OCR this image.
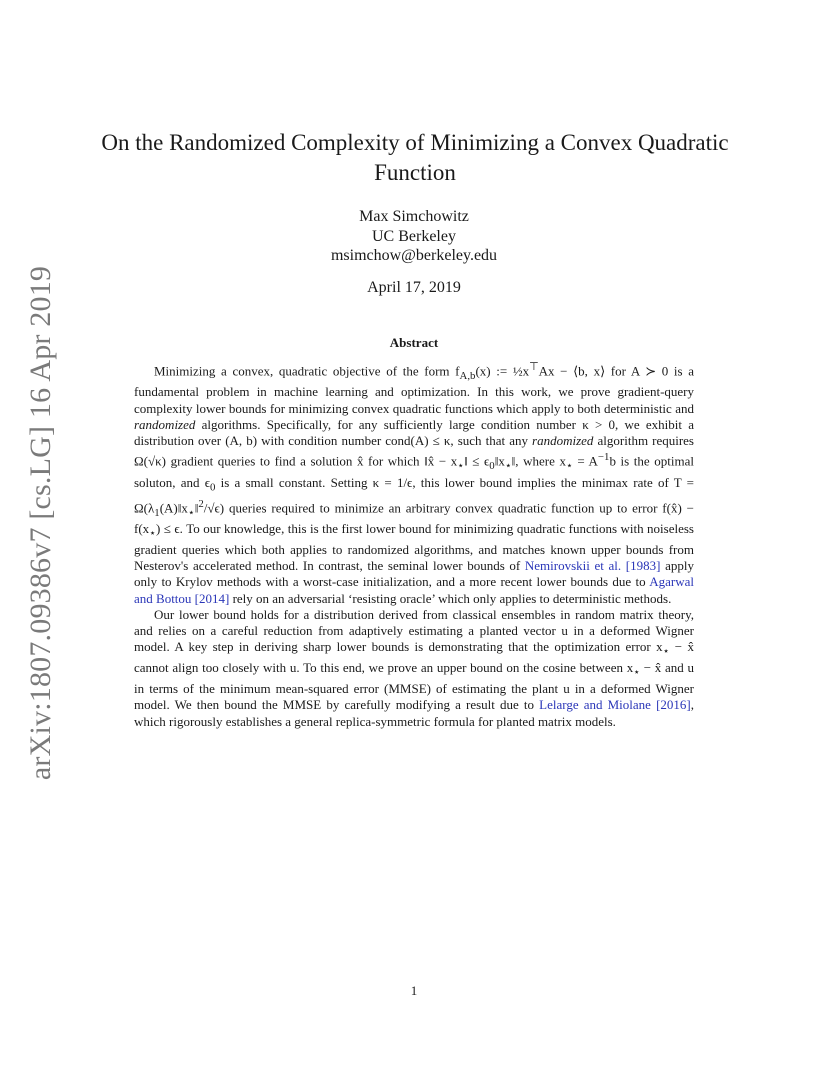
arXiv:1807.09386v7 [cs.LG] 16 Apr 2019
On the Randomized Complexity of Minimizing a Convex Quadratic Function
Max Simchowitz
UC Berkeley
msimchow@berkeley.edu
April 17, 2019
Abstract

Minimizing a convex, quadratic objective of the form $f_{A,b}(x)$ := ½x⊤Ax − ⟨b, x⟩ for A ≻ 0 is a fundamental problem in machine learning and optimization. In this work, we prove gradient-query complexity lower bounds for minimizing convex quadratic functions which apply to both deterministic and randomized algorithms. Specifically, for any sufficiently large condition number κ > 0, we exhibit a distribution over (A, b) with condition number cond(A) ≤ κ, such that any randomized algorithm requires Ω(√κ) gradient queries to find a solution x̂ for which ‖x̂ − $x_⋆‖$ ≤ $\epsilon_0‖x_⋆‖$, where $x_⋆ = A^{-1}b$ is the optimal soluton, and $\epsilon_0$ is a small constant. Setting κ = 1/ϵ, this lower bound implies the minimax rate of $T = \Omega(\lambda_1(A)‖x_⋆‖^2/√\epsilon)$ queries required to minimize an arbitrary convex quadratic function up to error f(x̂) − $f(x_⋆) \le \epsilon$. To our knowledge, this is the first lower bound for minimizing quadratic functions with noiseless gradient queries which both applies to randomized algorithms, and matches known upper bounds from Nesterov's accelerated method. In contrast, the seminal lower bounds of Nemirovskii et al. [1983] apply only to Krylov methods with a worst-case initialization, and a more recent lower bounds due to Agarwal and Bottou [2014] rely on an adversarial ‘resisting oracle’ which only applies to deterministic methods.

Our lower bound holds for a distribution derived from classical ensembles in random matrix theory, and relies on a careful reduction from adaptively estimating a planted vector u in a deformed Wigner model. A key step in deriving sharp lower bounds is demonstrating that the optimization error $x_⋆$ − x̂ cannot align too closely with u. To this end, we prove an upper bound on the cosine between $x_⋆$ − x̂ and u in terms of the minimum mean-squared error (MMSE) of estimating the plant u in a deformed Wigner model. We then bound the MMSE by carefully modifying a result due to Lelarge and Miolane [2016], which rigorously establishes a general replica-symmetric formula for planted matrix models.

1
